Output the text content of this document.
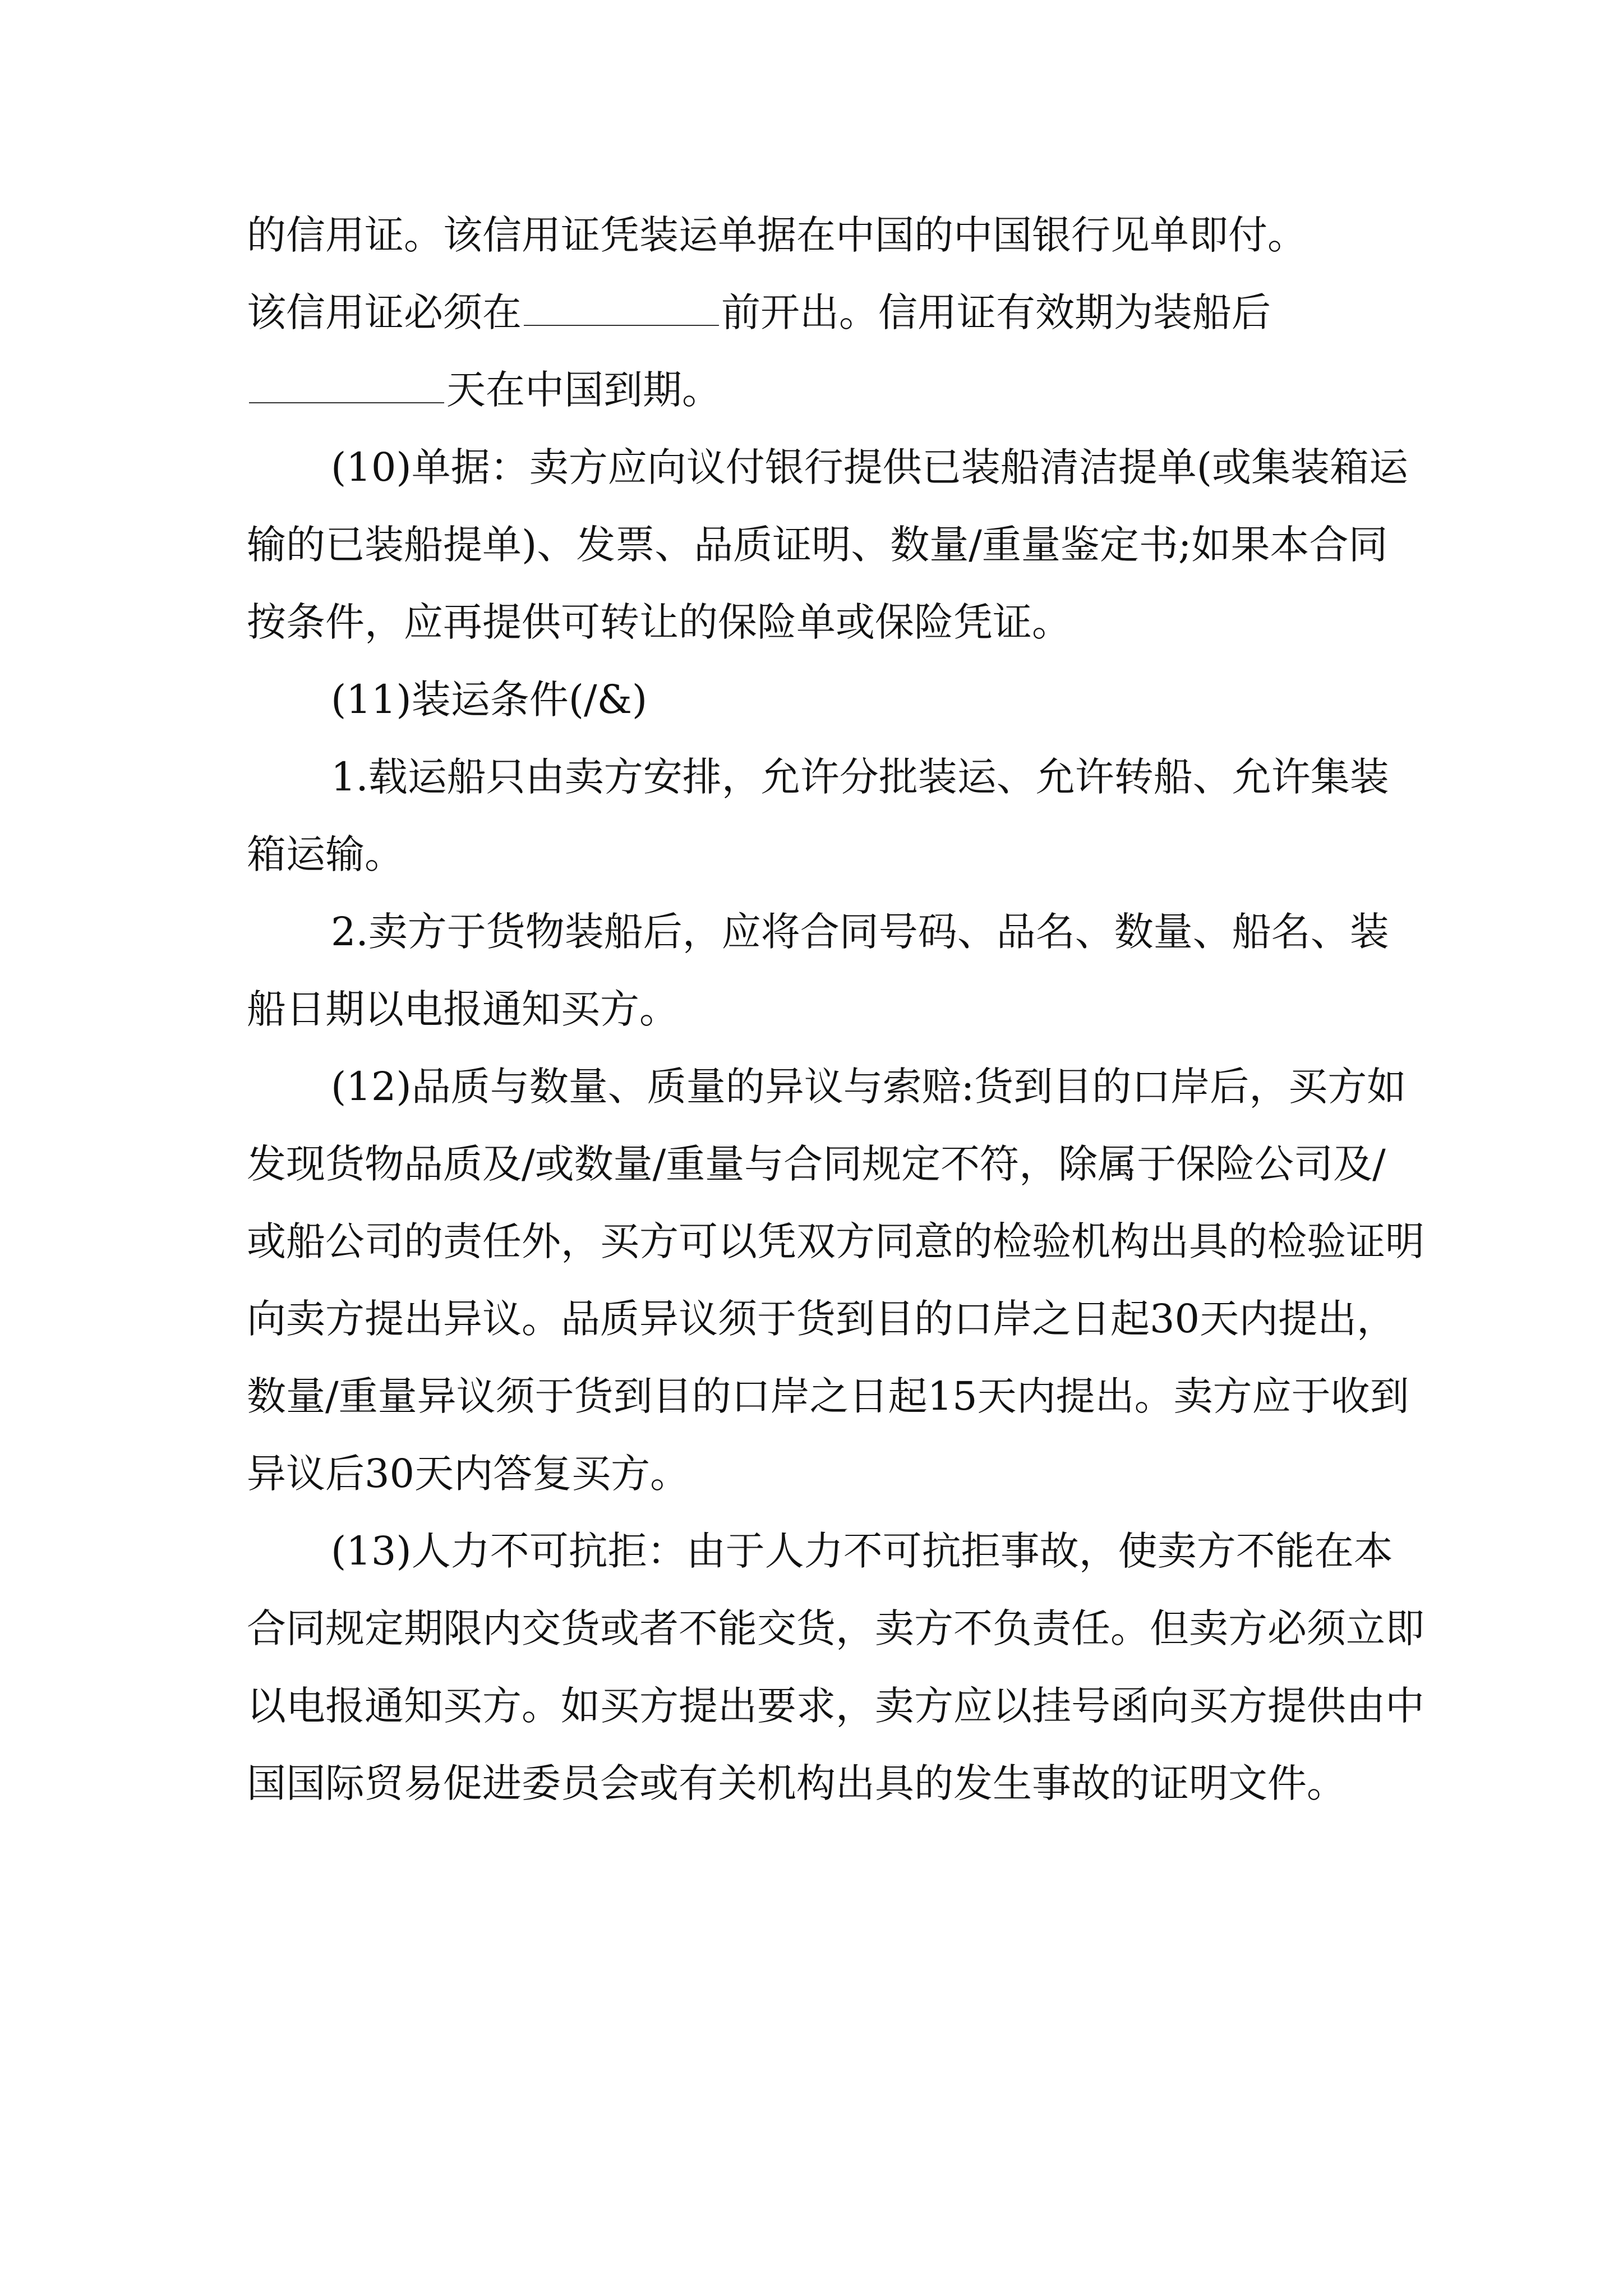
的信用证。该信用证凭装运单据在中国的中国银行见单即付。
该信用证必须在	前开出。信用证有效期为装船后
天在中国到期。

(10)单据：卖方应向议付银行提供已装船清洁提单(或集装箱运输的已装船提单)、发票、品质证明、数量/重量鉴定书;如果本合同按条件，应再提供可转让的保险单或保险凭证。

(11)装运条件(/&)

1.载运船只由卖方安排，允许分批装运、允许转船、允许集装箱运输。

2.卖方于货物装船后，应将合同号码、品名、数量、船名、装船日期以电报通知买方。

(12)品质与数量、质量的异议与索赔:货到目的口岸后，买方如发现货物品质及/或数量/重量与合同规定不符，除属于保险公司及/或船公司的责任外，买方可以凭双方同意的检验机构出具的检验证明向卖方提出异议。品质异议须于货到目的口岸之日起30天内提出，数量/重量异议须于货到目的口岸之日起15天内提出。卖方应于收到异议后30天内答复买方。

(13)人力不可抗拒：由于人力不可抗拒事故，使卖方不能在本合同规定期限内交货或者不能交货，卖方不负责任。但卖方必须立即以电报通知买方。如买方提出要求，卖方应以挂号函向买方提供由中国国际贸易促进委员会或有关机构出具的发生事故的证明文件。
